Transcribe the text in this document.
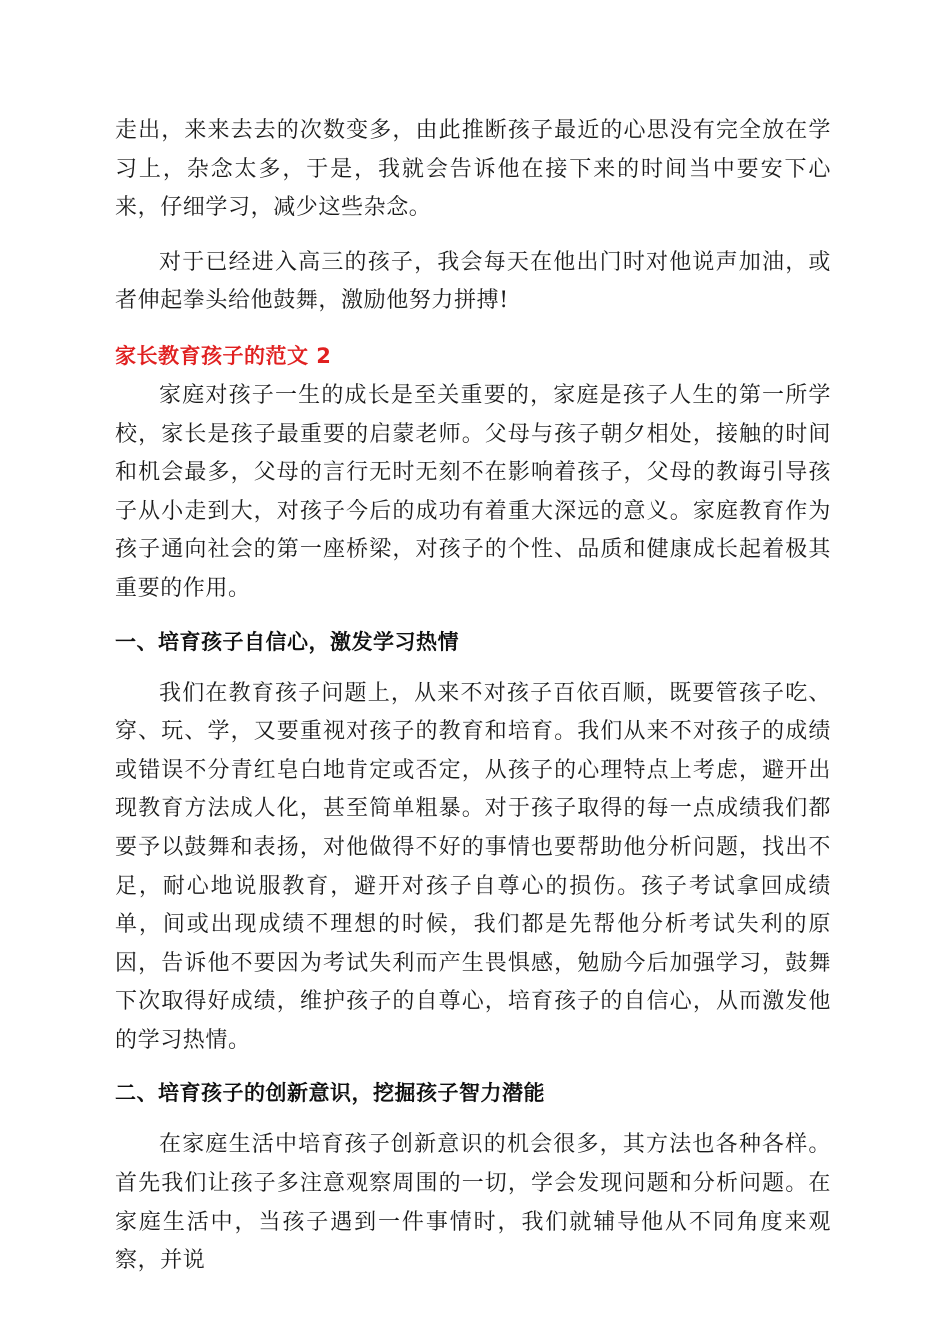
走出，来来去去的次数变多，由此推断孩子最近的心思没有完全放在学习上，杂念太多，于是，我就会告诉他在接下来的时间当中要安下心来，仔细学习，减少这些杂念。

对于已经进入高三的孩子，我会每天在他出门时对他说声加油，或者伸起拳头给他鼓舞，激励他努力拼搏!

家长教育孩子的范文 2

家庭对孩子一生的成长是至关重要的，家庭是孩子人生的第一所学校，家长是孩子最重要的启蒙老师。父母与孩子朝夕相处，接触的时间和机会最多，父母的言行无时无刻不在影响着孩子，父母的教诲引导孩子从小走到大，对孩子今后的成功有着重大深远的意义。家庭教育作为孩子通向社会的第一座桥梁，对孩子的个性、品质和健康成长起着极其重要的作用。

一、培育孩子自信心，激发学习热情

我们在教育孩子问题上，从来不对孩子百依百顺，既要管孩子吃、穿、玩、学，又要重视对孩子的教育和培育。我们从来不对孩子的成绩或错误不分青红皂白地肯定或否定，从孩子的心理特点上考虑，避开出现教育方法成人化，甚至简单粗暴。对于孩子取得的每一点成绩我们都要予以鼓舞和表扬，对他做得不好的事情也要帮助他分析问题，找出不足，耐心地说服教育，避开对孩子自尊心的损伤。孩子考试拿回成绩单，间或出现成绩不理想的时候，我们都是先帮他分析考试失利的原因，告诉他不要因为考试失利而产生畏惧感，勉励今后加强学习，鼓舞下次取得好成绩，维护孩子的自尊心，培育孩子的自信心，从而激发他的学习热情。

二、培育孩子的创新意识，挖掘孩子智力潜能

在家庭生活中培育孩子创新意识的机会很多，其方法也各种各样。首先我们让孩子多注意观察周围的一切，学会发现问题和分析问题。在家庭生活中，当孩子遇到一件事情时，我们就辅导他从不同角度来观察，并说
